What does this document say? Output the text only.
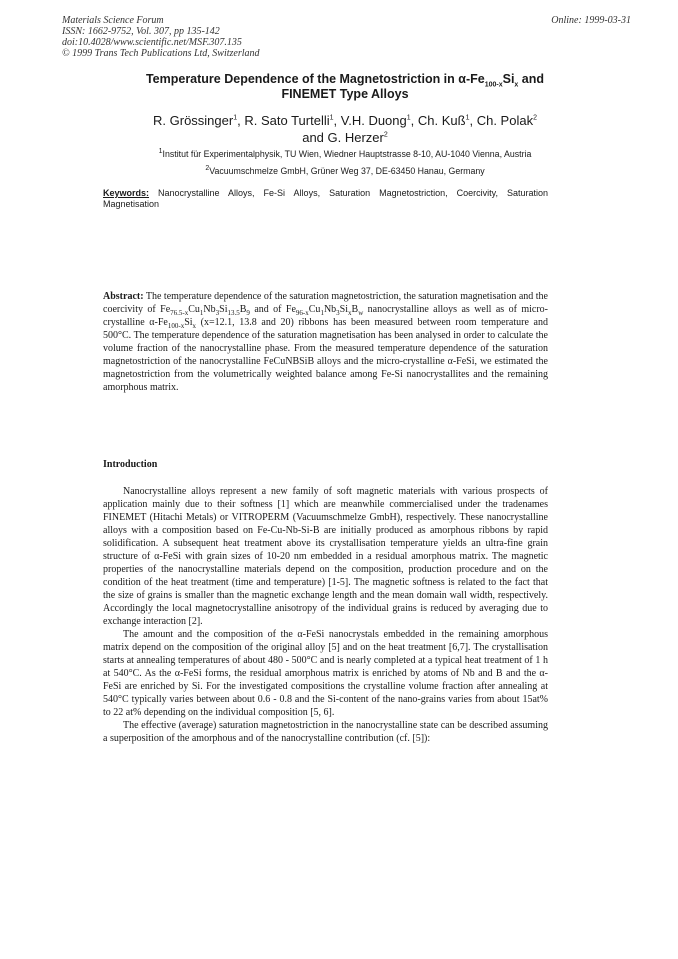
Materials Science Forum
ISSN: 1662-9752, Vol. 307, pp 135-142
doi:10.4028/www.scientific.net/MSF.307.135
© 1999 Trans Tech Publications Ltd, Switzerland
Online: 1999-03-31
Temperature Dependence of the Magnetostriction in $\alpha-Fe_{100-x}Si_x$ and
FINEMET Type Alloys
R. Grössinger$^1$, R. Sato Turtelli$^1$, V.H. Duong$^1$, Ch. Kuß$^1$, Ch. Polak$^2$
and G. Herzer$^2$
$^1$Institut für Experimentalphysik, TU Wien, Wiedner Hauptstrasse 8-10, AU-1040 Vienna, Austria
$^2$Vacuumschmelze GmbH, Grüner Weg 37, DE-63450 Hanau, Germany
Keywords: Nanocrystalline Alloys, Fe-Si Alloys, Saturation Magnetostriction, Coercivity, Saturation Magnetisation
Abstract: The temperature dependence of the saturation magnetostriction, the saturation magnetisation and the coercivity of $Fe_{76.5-x}Cu_1Nb_3Si_{13.5}B_9$ and of $Fe_{96-x}Cu_1Nb_3Si_xB_w$ nanocrystalline alloys as well as of micro-crystalline $\alpha-Fe_{100-x}Si_x$ (x=12.1, 13.8 and 20) ribbons has been measured between room temperature and 500°C. The temperature dependence of the saturation magnetisation has been analysed in order to calculate the volume fraction of the nanocrystalline phase. From the measured temperature dependence of the saturation magnetostriction of the nanocrystalline FeCuNBSiB alloys and the micro-crystalline α-FeSi, we estimated the magnetostriction from the volumetrically weighted balance among Fe-Si nanocrystallites and the remaining amorphous matrix.
Introduction

Nanocrystalline alloys represent a new family of soft magnetic materials with various prospects of application mainly due to their softness [1] which are meanwhile commercialised under the tradenames FINEMET (Hitachi Metals) or VITROPERM (Vacuumschmelze GmbH), respectively. These nanocrystalline alloys with a composition based on Fe-Cu-Nb-Si-B are initially produced as amorphous ribbons by rapid solidification. A subsequent heat treatment above its crystallisation temperature yields an ultra-fine grain structure of α-FeSi with grain sizes of 10-20 nm embedded in a residual amorphous matrix. The magnetic properties of the nanocrystalline materials depend on the composition, production procedure and on the condition of the heat treatment (time and temperature) [1-5]. The magnetic softness is related to the fact that the size of grains is smaller than the magnetic exchange length and the mean domain wall width, respectively. Accordingly the local magnetocrystalline anisotropy of the individual grains is reduced by averaging due to exchange interaction [2].

The amount and the composition of the α-FeSi nanocrystals embedded in the remaining amorphous matrix depend on the composition of the original alloy [5] and on the heat treatment [6,7]. The crystallisation starts at annealing temperatures of about 480 - 500°C and is nearly completed at a typical heat treatment of 1 h at 540°C. As the α-FeSi forms, the residual amorphous matrix is enriched by atoms of Nb and B and the α-FeSi are enriched by Si. For the investigated compositions the crystalline volume fraction after annealing at 540°C typically varies between about 0.6 - 0.8 and the Si-content of the nano-grains varies from about 15at% to 22 at% depending on the individual composition [5, 6].

The effective (average) saturation magnetostriction in the nanocrystalline state can be described assuming a superposition of the amorphous and of the nanocrystalline contribution (cf. [5]):
